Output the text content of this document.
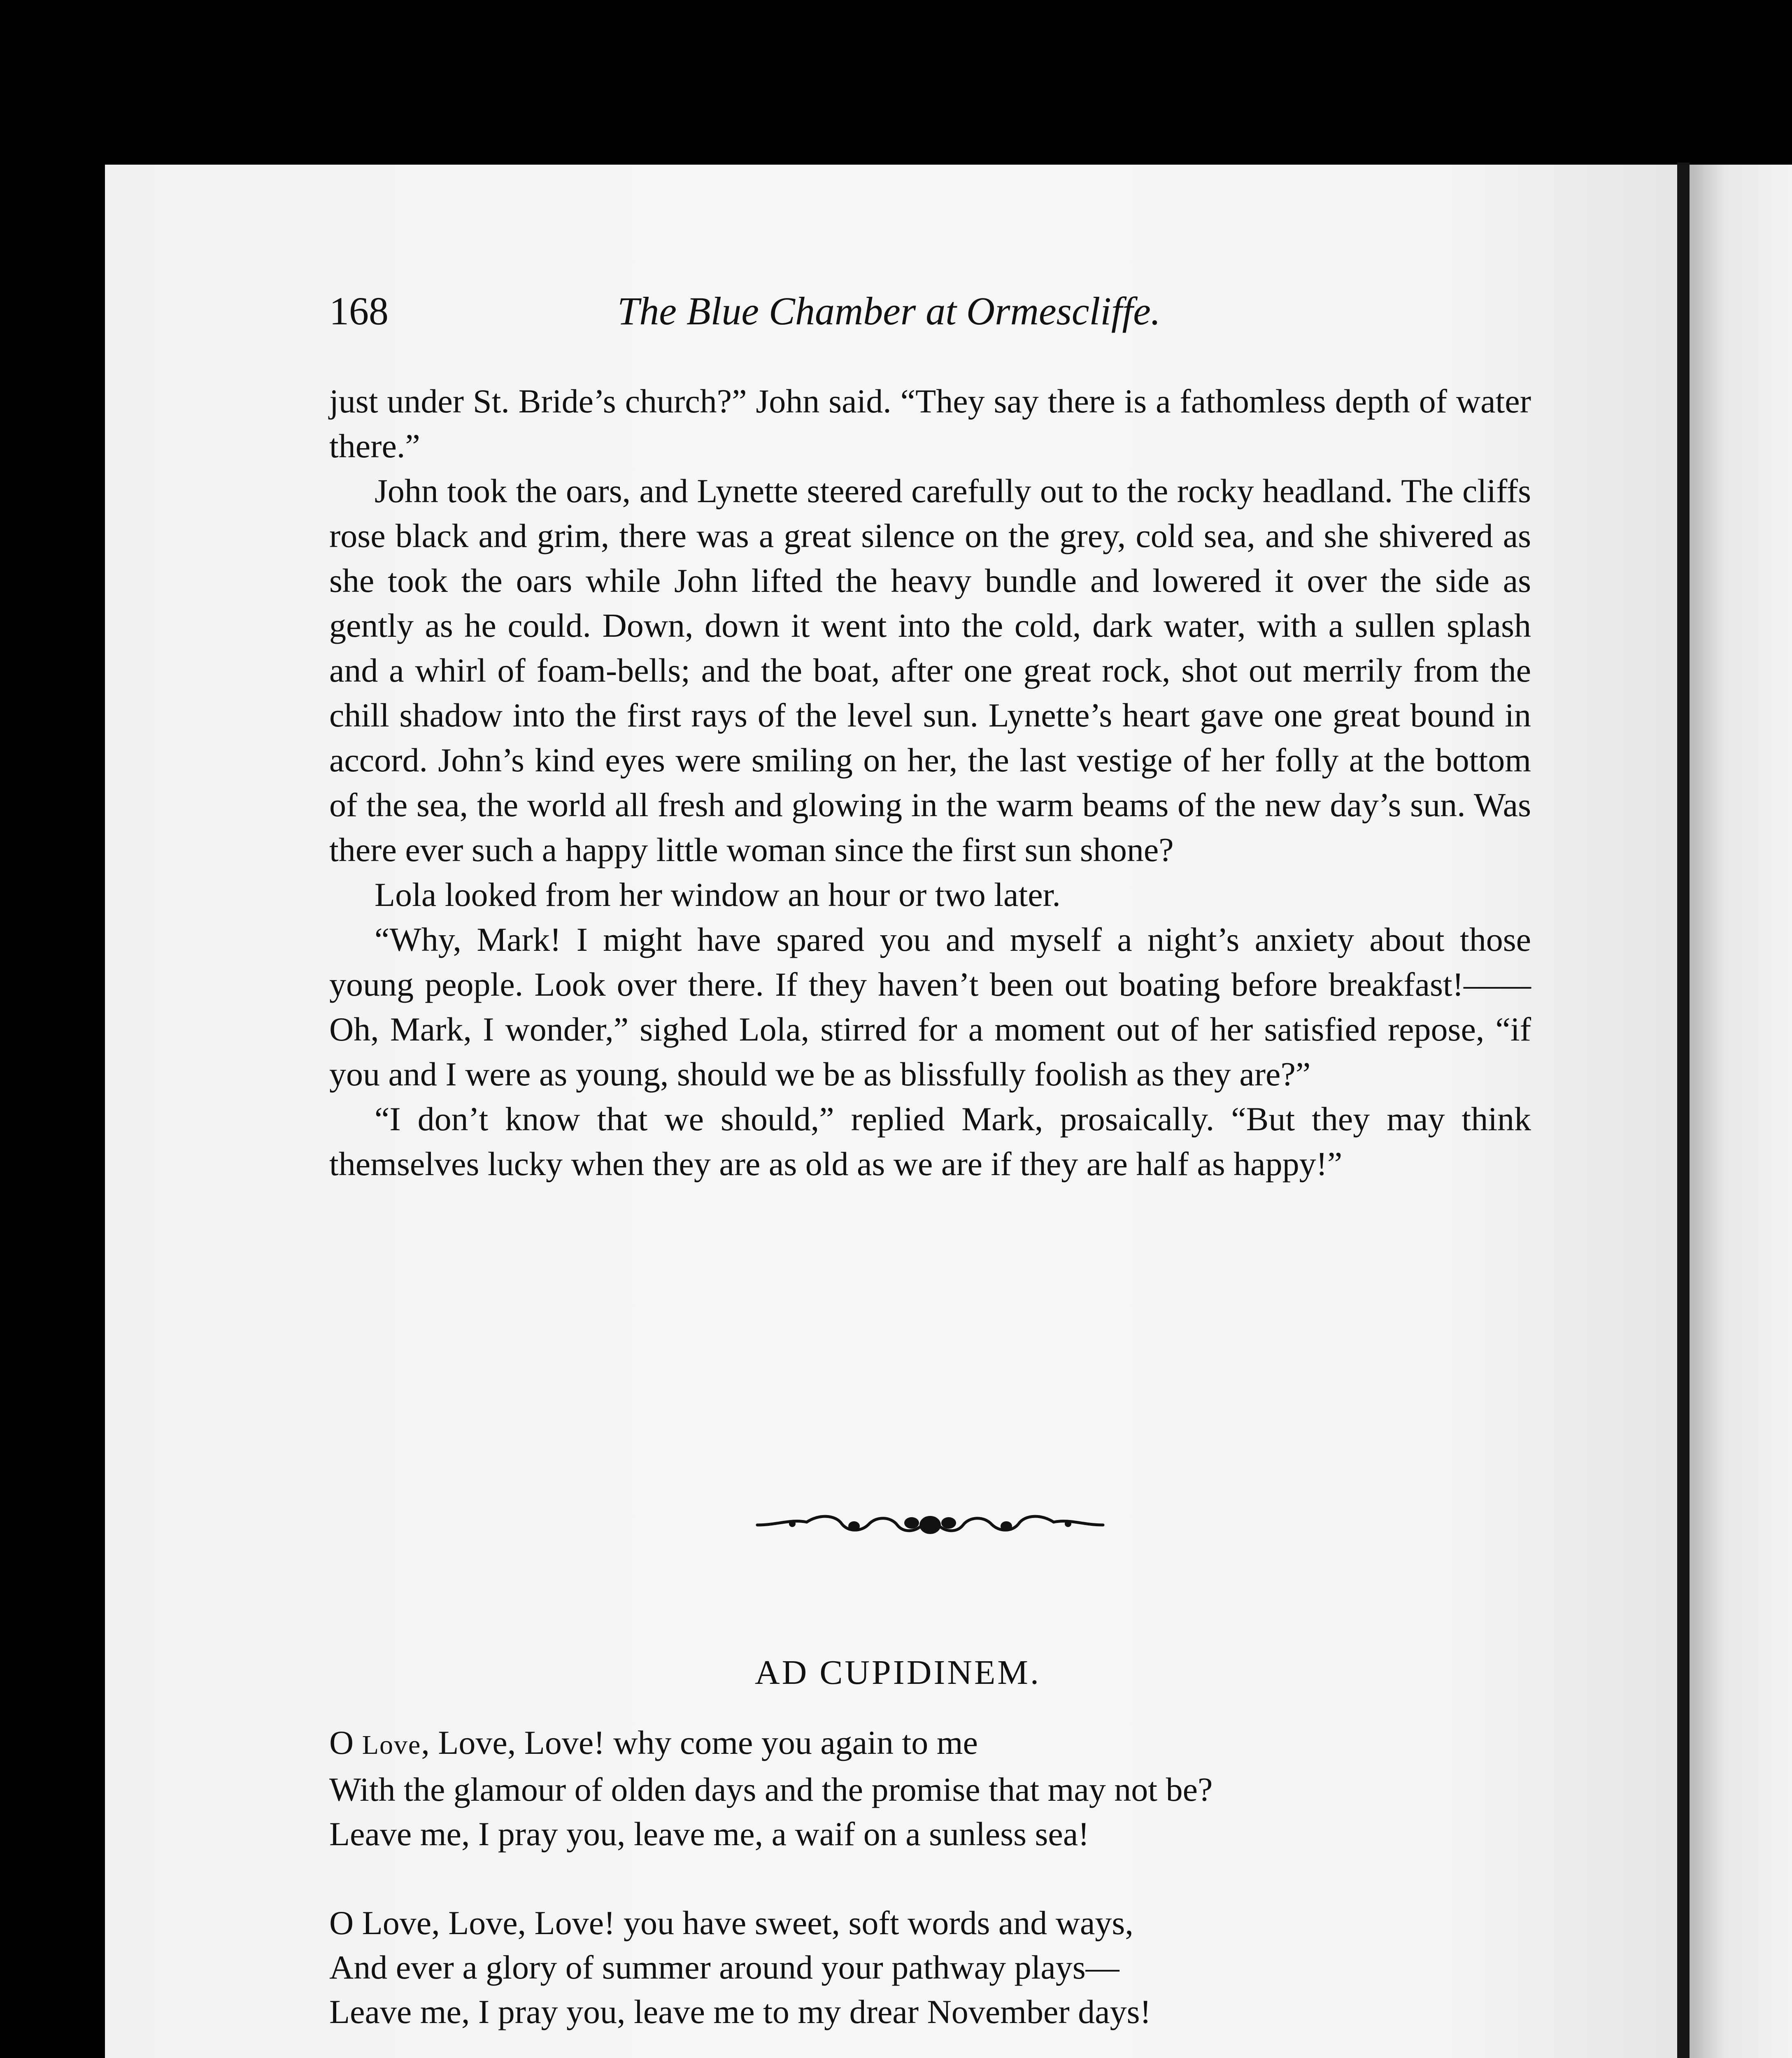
168	The Blue Chamber at Ormescliffe.

just under St. Bride’s church?” John said. “They say there is a fathomless depth of water there.”

John took the oars, and Lynette steered carefully out to the rocky headland. The cliffs rose black and grim, there was a great silence on the grey, cold sea, and she shivered as she took the oars while John lifted the heavy bundle and lowered it over the side as gently as he could. Down, down it went into the cold, dark water, with a sullen splash and a whirl of foam-bells; and the boat, after one great rock, shot out merrily from the chill shadow into the first rays of the level sun. Lynette’s heart gave one great bound in accord. John’s kind eyes were smiling on her, the last vestige of her folly at the bottom of the sea, the world all fresh and glowing in the warm beams of the new day’s sun. Was there ever such a happy little woman since the first sun shone?

Lola looked from her window an hour or two later.

“Why, Mark! I might have spared you and myself a night’s anxiety about those young people. Look over there. If they haven’t been out boating before breakfast!——Oh, Mark, I wonder,” sighed Lola, stirred for a moment out of her satisfied repose, “if you and I were as young, should we be as blissfully foolish as they are?”

“I don’t know that we should,” replied Mark, prosaically. “But they may think themselves lucky when they are as old as we are if they are half as happy!”

AD CUPIDINEM.
O Love, Love, Love! why come you again to me
With the glamour of olden days and the promise that may not be?
Leave me, I pray you, leave me, a waif on a sunless sea!
O Love, Love, Love! you have sweet, soft words and ways,
And ever a glory of summer around your pathway plays—
Leave me, I pray you, leave me to my drear November days!
